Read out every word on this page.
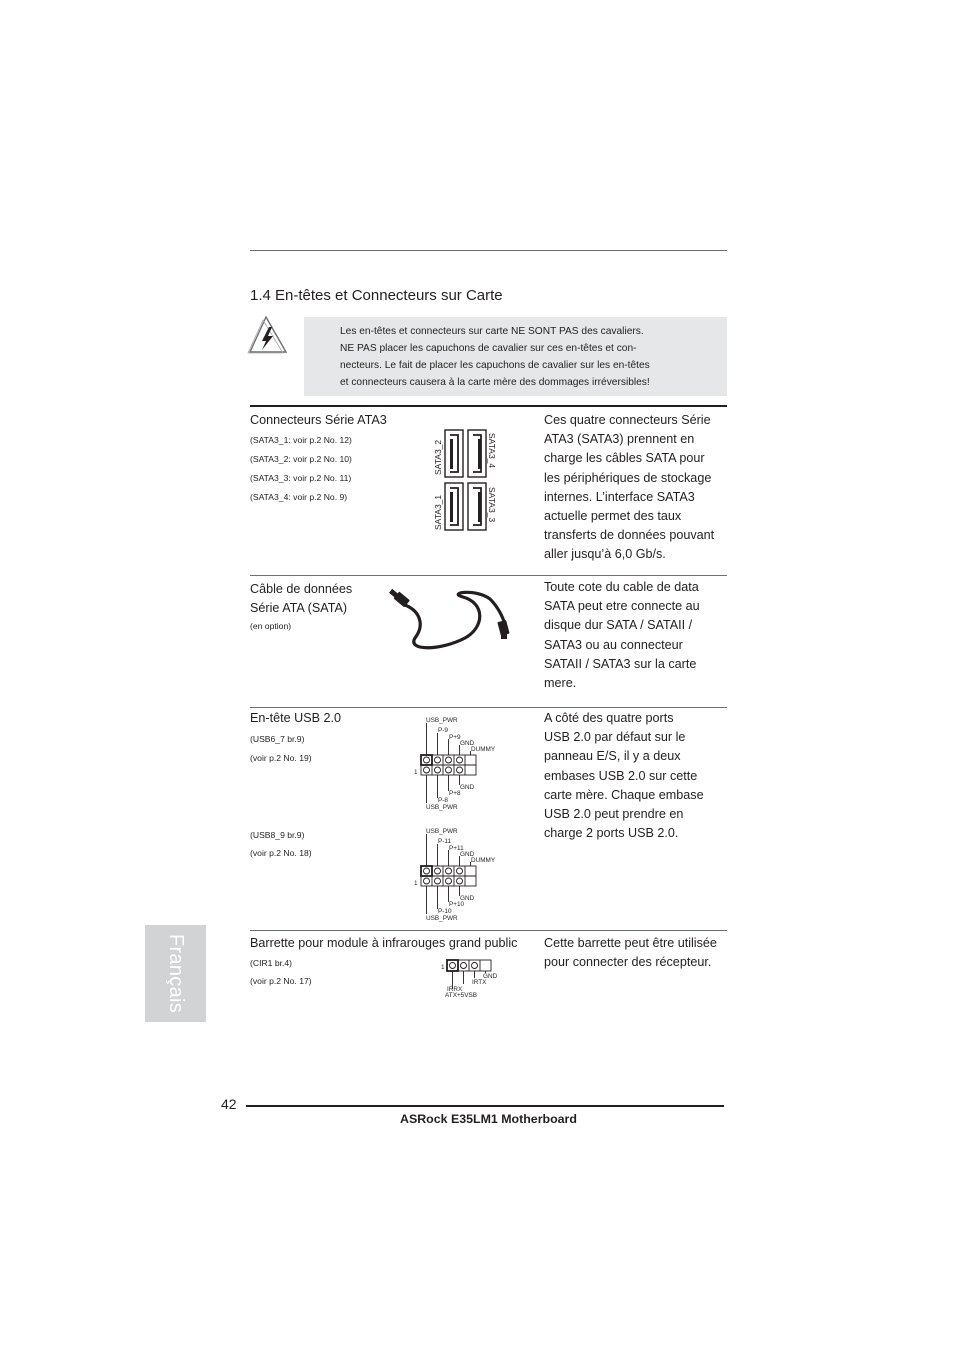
1.4 En-têtes et Connecteurs sur Carte
Les en-têtes et connecteurs sur carte NE SONT PAS des cavaliers.
NE PAS placer les capuchons de cavalier sur ces en-têtes et con-
necteurs. Le fait de placer les capuchons de cavalier sur les en-têtes
et connecteurs causera à la carte mère des dommages irréversibles!
Connecteurs Série ATA3
(SATA3_1: voir p.2 No. 12)
(SATA3_2: voir p.2 No. 10)
(SATA3_3: voir p.2 No. 11)
(SATA3_4: voir p.2 No. 9)
SATA3_2	SATA3_4
SATA3_1	SATA3_3
Ces quatre connecteurs Série
ATA3 (SATA3) prennent en
charge les câbles SATA pour
les périphériques de stockage
internes. L’interface SATA3
actuelle permet des taux
transferts de données pouvant
aller jusqu’à 6,0 Gb/s.
Câble de données
Série ATA (SATA)
(en option)
Toute cote du cable de data
SATA peut etre connecte au
disque dur SATA / SATAII /
SATA3 ou au connecteur
SATAII / SATA3 sur la carte
mere.
En-tête USB 2.0
(USB6_7 br.9)
(voir p.2 No. 19)
(USB8_9 br.9)
(voir p.2 No. 18)
USB_PWR
P-9
P+9
GND
DUMMY
1
GND
P+8
P-8
USB_PWR
USB_PWR
P-11
P+11
GND
DUMMY
1
GND
P+10
P-10
USB_PWR
A côté des quatre ports
USB 2.0 par défaut sur le
panneau E/S, il y a deux
embases USB 2.0 sur cette
carte mère. Chaque embase
USB 2.0 peut prendre en
charge 2 ports USB 2.0.
Barrette pour module à infrarouges grand public
(CIR1 br.4)
(voir p.2 No. 17)
1
GND
IRTX
IRRX
ATX+5VSB
Cette barrette peut être utilisée
pour connecter des récepteur.
Français
42
ASRock E35LM1 Motherboard
